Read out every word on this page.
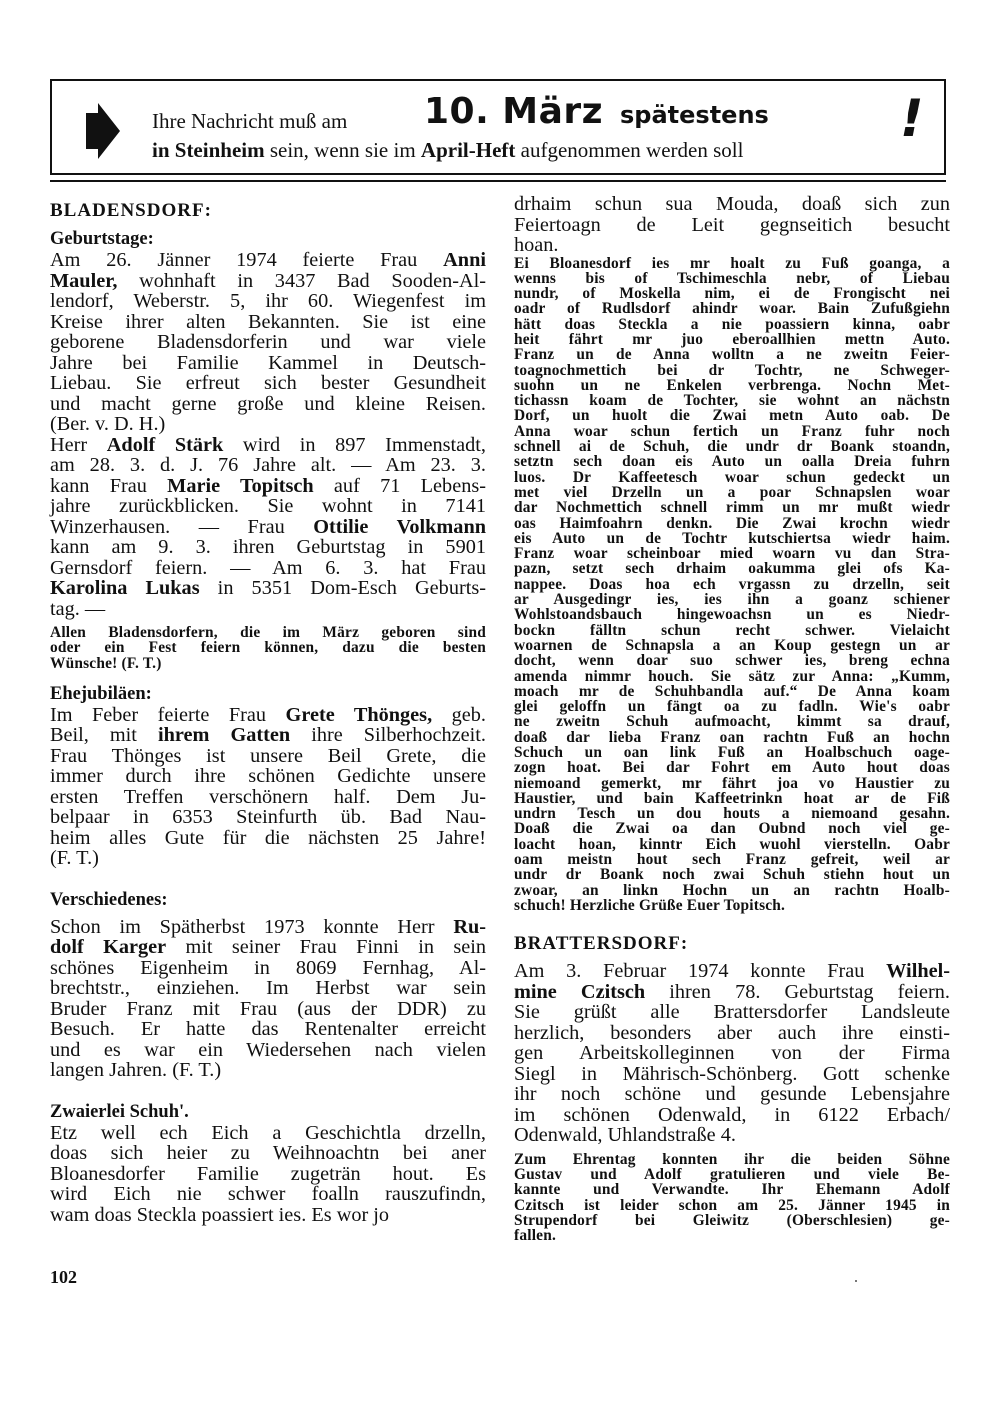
Ihre Nachricht muß am 10. März spätestens
in Steinheim sein, wenn sie im April-Heft aufgenommen werden soll
!

BLADENSDORF:

Geburtstage:

Am 26. Jänner 1974 feierte Frau Anni

Mauler, wohnhaft in 3437 Bad Sooden-Al-

lendorf, Weberstr. 5, ihr 60. Wiegenfest im

Kreise ihrer alten Bekannten. Sie ist eine

geborene Bladensdorferin und war viele

Jahre bei Familie Kammel in Deutsch-

Liebau. Sie erfreut sich bester Gesundheit

und macht gerne große und kleine Reisen.

(Ber. v. D. H.)

Herr Adolf Stärk wird in 897 Immenstadt,

am 28. 3. d. J. 76 Jahre alt. — Am 23. 3.

kann Frau Marie Topitsch auf 71 Lebens-

jahre zurückblicken. Sie wohnt in 7141

Winzerhausen. — Frau Ottilie Volkmann

kann am 9. 3. ihren Geburtstag in 5901

Gernsdorf feiern. — Am 6. 3. hat Frau

Karolina Lukas in 5351 Dom-Esch Geburts-

tag. —

Allen Bladensdorfern, die im März geboren sind

oder ein Fest feiern können, dazu die besten

Wünsche! (F. T.)

Ehejubiläen:

Im Feber feierte Frau Grete Thönges, geb.

Beil, mit ihrem Gatten ihre Silberhochzeit.

Frau Thönges ist unsere Beil Grete, die

immer durch ihre schönen Gedichte unsere

ersten Treffen verschönern half. Dem Ju-

belpaar in 6353 Steinfurth üb. Bad Nau-

heim alles Gute für die nächsten 25 Jahre!

(F. T.)

Verschiedenes:

Schon im Spätherbst 1973 konnte Herr Ru-

dolf Karger mit seiner Frau Finni in sein

schönes Eigenheim in 8069 Fernhag, Al-

brechtstr., einziehen. Im Herbst war sein

Bruder Franz mit Frau (aus der DDR) zu

Besuch. Er hatte das Rentenalter erreicht

und es war ein Wiedersehen nach vielen

langen Jahren. (F. T.)

Zwaierlei Schuh'.

Etz well ech Eich a Geschichtla drzelln,

doas sich heier zu Weihnoachtn bei aner

Bloanesdorfer Familie zugeträn hout. Es

wird Eich nie schwer foalln rauszufindn,

wam doas Steckla poassiert ies. Es wor jo

drhaim schun sua Mouda, doaß sich zun

Feiertoagn de Leit gegnseitich besucht

hoan.

Ei Bloanesdorf ies mr hoalt zu Fuß goanga, a

wenns bis of Tschimeschla nebr, of Liebau

nundr, of Moskella nim, ei de Frongischt nei

oadr of Rudlsdorf ahindr woar. Bain Zufußgiehn

hätt doas Steckla a nie poassiern kinna, oabr

heit fährt mr juo eberoallhien mettn Auto.

Franz un de Anna wolltn a ne zweitn Feier-

toagnochmettich bei dr Tochtr, ne Schweger-

suohn un ne Enkelen verbrenga. Nochn Met-

tichassn koam de Tochter, sie wohnt an nächstn

Dorf, un huolt die Zwai metn Auto oab. De

Anna woar schun fertich un Franz fuhr noch

schnell ai de Schuh, die undr dr Boank stoandn,

setztn sech doan eis Auto un oalla Dreia fuhrn

luos. Dr Kaffeetesch woar schun gedeckt un

met viel Drzelln un a poar Schnapslen woar

dar Nochmettich schnell rimm un mr mußt wiedr

oas Haimfoahrn denkn. Die Zwai krochn wiedr

eis Auto un de Tochtr kutschiertsa wiedr haim.

Franz woar scheinboar mied woarn vu dan Stra-

pazn, setzt sech drhaim oakumma glei ofs Ka-

nappee. Doas hoa ech vrgassn zu drzelln, seit

ar Ausgedingr ies, ies ihn a goanz schiener

Wohlstoandsbauch hingewoachsn un es Niedr-

bockn fälltn schun recht schwer. Vielaicht

woarnen de Schnapsla a an Koup gestegn un ar

docht, wenn doar suo schwer ies, breng echna

amenda nimmr houch. Sie sätz zur Anna: „Kumm,

moach mr de Schuhbandla auf.“ De Anna koam

glei geloffn un fängt oa zu fadln. Wie's oabr

ne zweitn Schuh aufmoacht, kimmt sa drauf,

doaß dar lieba Franz oan rachtn Fuß an hochn

Schuch un oan link Fuß an Hoalbschuch oage-

zogn hoat. Bei dar Fohrt em Auto hout doas

niemoand gemerkt, mr fährt joa vo Haustier zu

Haustier, und bain Kaffeetrinkn hoat ar de Fiß

undrn Tesch un dou houts a niemoand gesahn.

Doaß die Zwai oa dan Oubnd noch viel ge-

loacht hoan, kinntr Eich wuohl vierstelln. Oabr

oam meistn hout sech Franz gefreit, weil ar

undr dr Boank noch zwai Schuh stiehn hout un

zwoar, an linkn Hochn un an rachtn Hoalb-

schuch! Herzliche Grüße Euer Topitsch.

BRATTERSDORF:

Am 3. Februar 1974 konnte Frau Wilhel-

mine Czitsch ihren 78. Geburtstag feiern.

Sie grüßt alle Brattersdorfer Landsleute

herzlich, besonders aber auch ihre einsti-

gen Arbeitskolleginnen von der Firma

Siegl in Mährisch-Schönberg. Gott schenke

ihr noch schöne und gesunde Lebensjahre

im schönen Odenwald, in 6122 Erbach/

Odenwald, Uhlandstraße 4.

Zum Ehrentag konnten ihr die beiden Söhne

Gustav und Adolf gratulieren und viele Be-

kannte und Verwandte. Ihr Ehemann Adolf

Czitsch ist leider schon am 25. Jänner 1945 in

Strupendorf bei Gleiwitz (Oberschlesien) ge-

fallen.

102
